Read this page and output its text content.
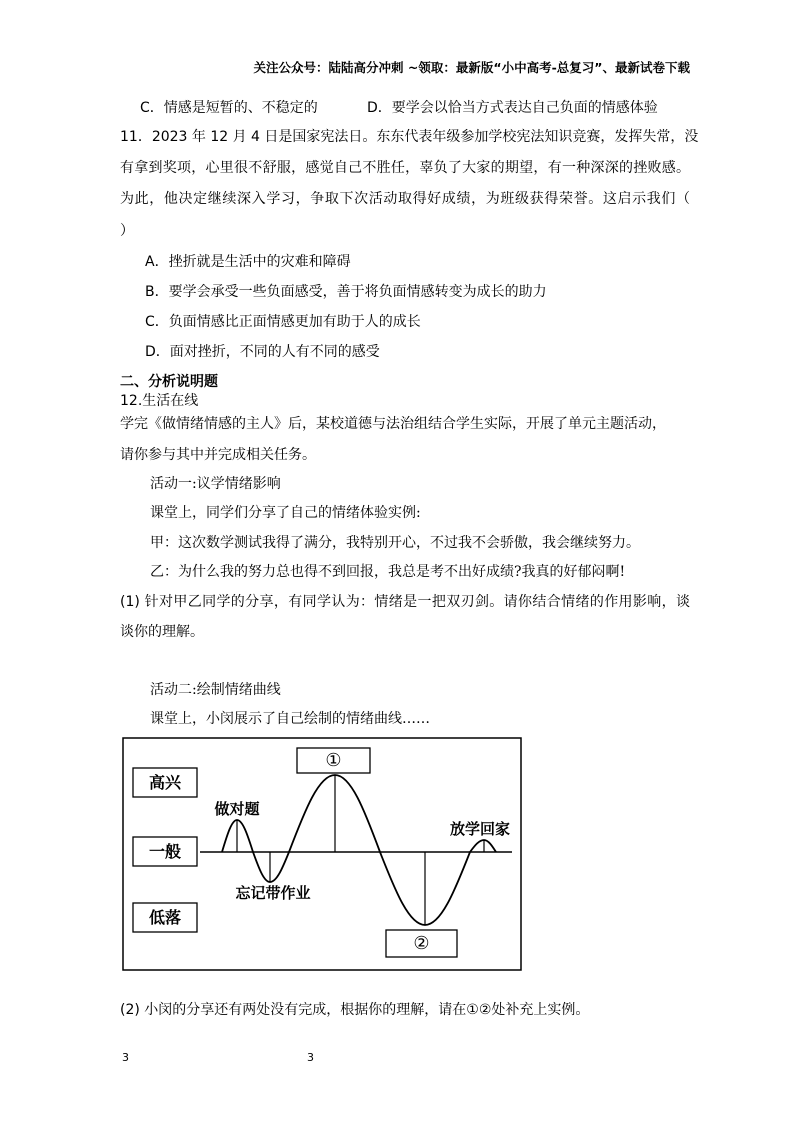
关注公众号：陆陆高分冲刺 ~领取：最新版“小中高考-总复习”、最新试卷下载
C．情感是短暂的、不稳定的	D．要学会以恰当方式表达自己负面的情感体验
11．2023 年 12 月 4 日是国家宪法日。东东代表年级参加学校宪法知识竞赛，发挥失常，没
有拿到奖项，心里很不舒服，感觉自己不胜任，辜负了大家的期望，有一种深深的挫败感。
为此，他决定继续深入学习，争取下次活动取得好成绩，为班级获得荣誉。这启示我们（
）
A．挫折就是生活中的灾难和障碍
B．要学会承受一些负面感受，善于将负面情感转变为成长的助力
C．负面情感比正面情感更加有助于人的成长
D．面对挫折，不同的人有不同的感受
二、分析说明题
12.生活在线
学完《做情绪情感的主人》后，某校道德与法治组结合学生实际，开展了单元主题活动，
请你参与其中并完成相关任务。
活动一:议学情绪影响
课堂上，同学们分享了自己的情绪体验实例:
甲：这次数学测试我得了满分，我特别开心，不过我不会骄傲，我会继续努力。
乙：为什么我的努力总也得不到回报，我总是考不出好成绩?我真的好郁闷啊!
(1) 针对甲乙同学的分享，有同学认为：情绪是一把双刃剑。请你结合情绪的作用影响，谈
谈你的理解。
活动二:绘制情绪曲线
课堂上，小闵展示了自己绘制的情绪曲线……
高兴
一般
低落
①
②
做对题
忘记带作业
放学回家
(2) 小闵的分享还有两处没有完成，根据你的理解，请在①②处补充上实例。
3	3
